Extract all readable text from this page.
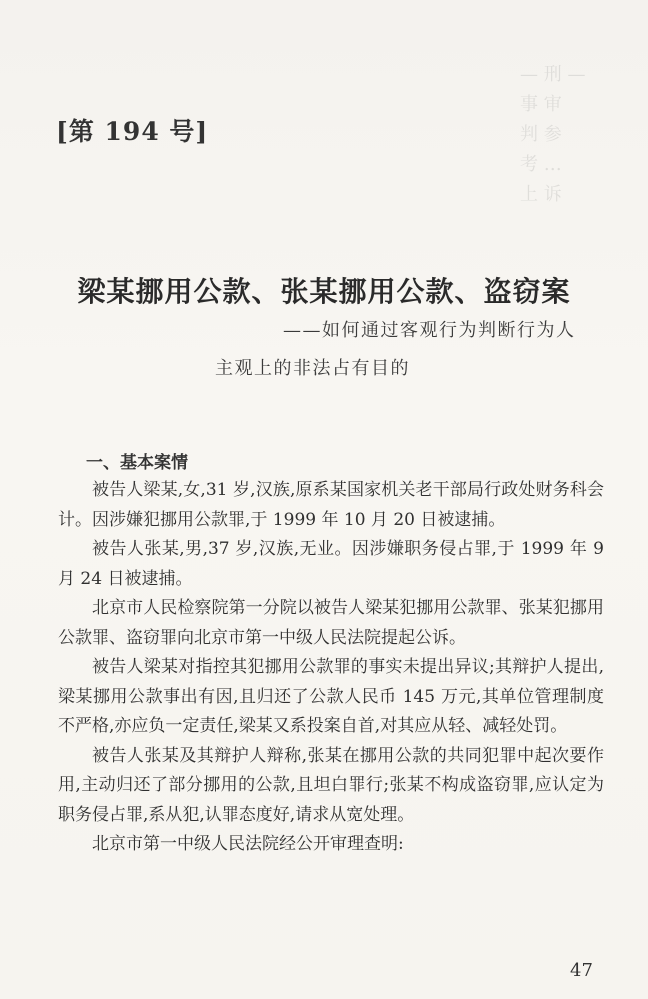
— 刑 —
事 审
判 参
考 …
上 诉
[第 194 号]
梁某挪用公款、张某挪用公款、盗窃案
——如何通过客观行为判断行为人
主观上的非法占有目的
一、基本案情

被告人梁某,女,31 岁,汉族,原系某国家机关老干部局行政处财务科会计。因涉嫌犯挪用公款罪,于 1999 年 10 月 20 日被逮捕。

被告人张某,男,37 岁,汉族,无业。因涉嫌职务侵占罪,于 1999 年 9 月 24 日被逮捕。

北京市人民检察院第一分院以被告人梁某犯挪用公款罪、张某犯挪用公款罪、盗窃罪向北京市第一中级人民法院提起公诉。

被告人梁某对指控其犯挪用公款罪的事实未提出异议;其辩护人提出,梁某挪用公款事出有因,且归还了公款人民币 145 万元,其单位管理制度不严格,亦应负一定责任,梁某又系投案自首,对其应从轻、减轻处罚。

被告人张某及其辩护人辩称,张某在挪用公款的共同犯罪中起次要作用,主动归还了部分挪用的公款,且坦白罪行;张某不构成盗窃罪,应认定为职务侵占罪,系从犯,认罪态度好,请求从宽处理。

北京市第一中级人民法院经公开审理查明:

47
